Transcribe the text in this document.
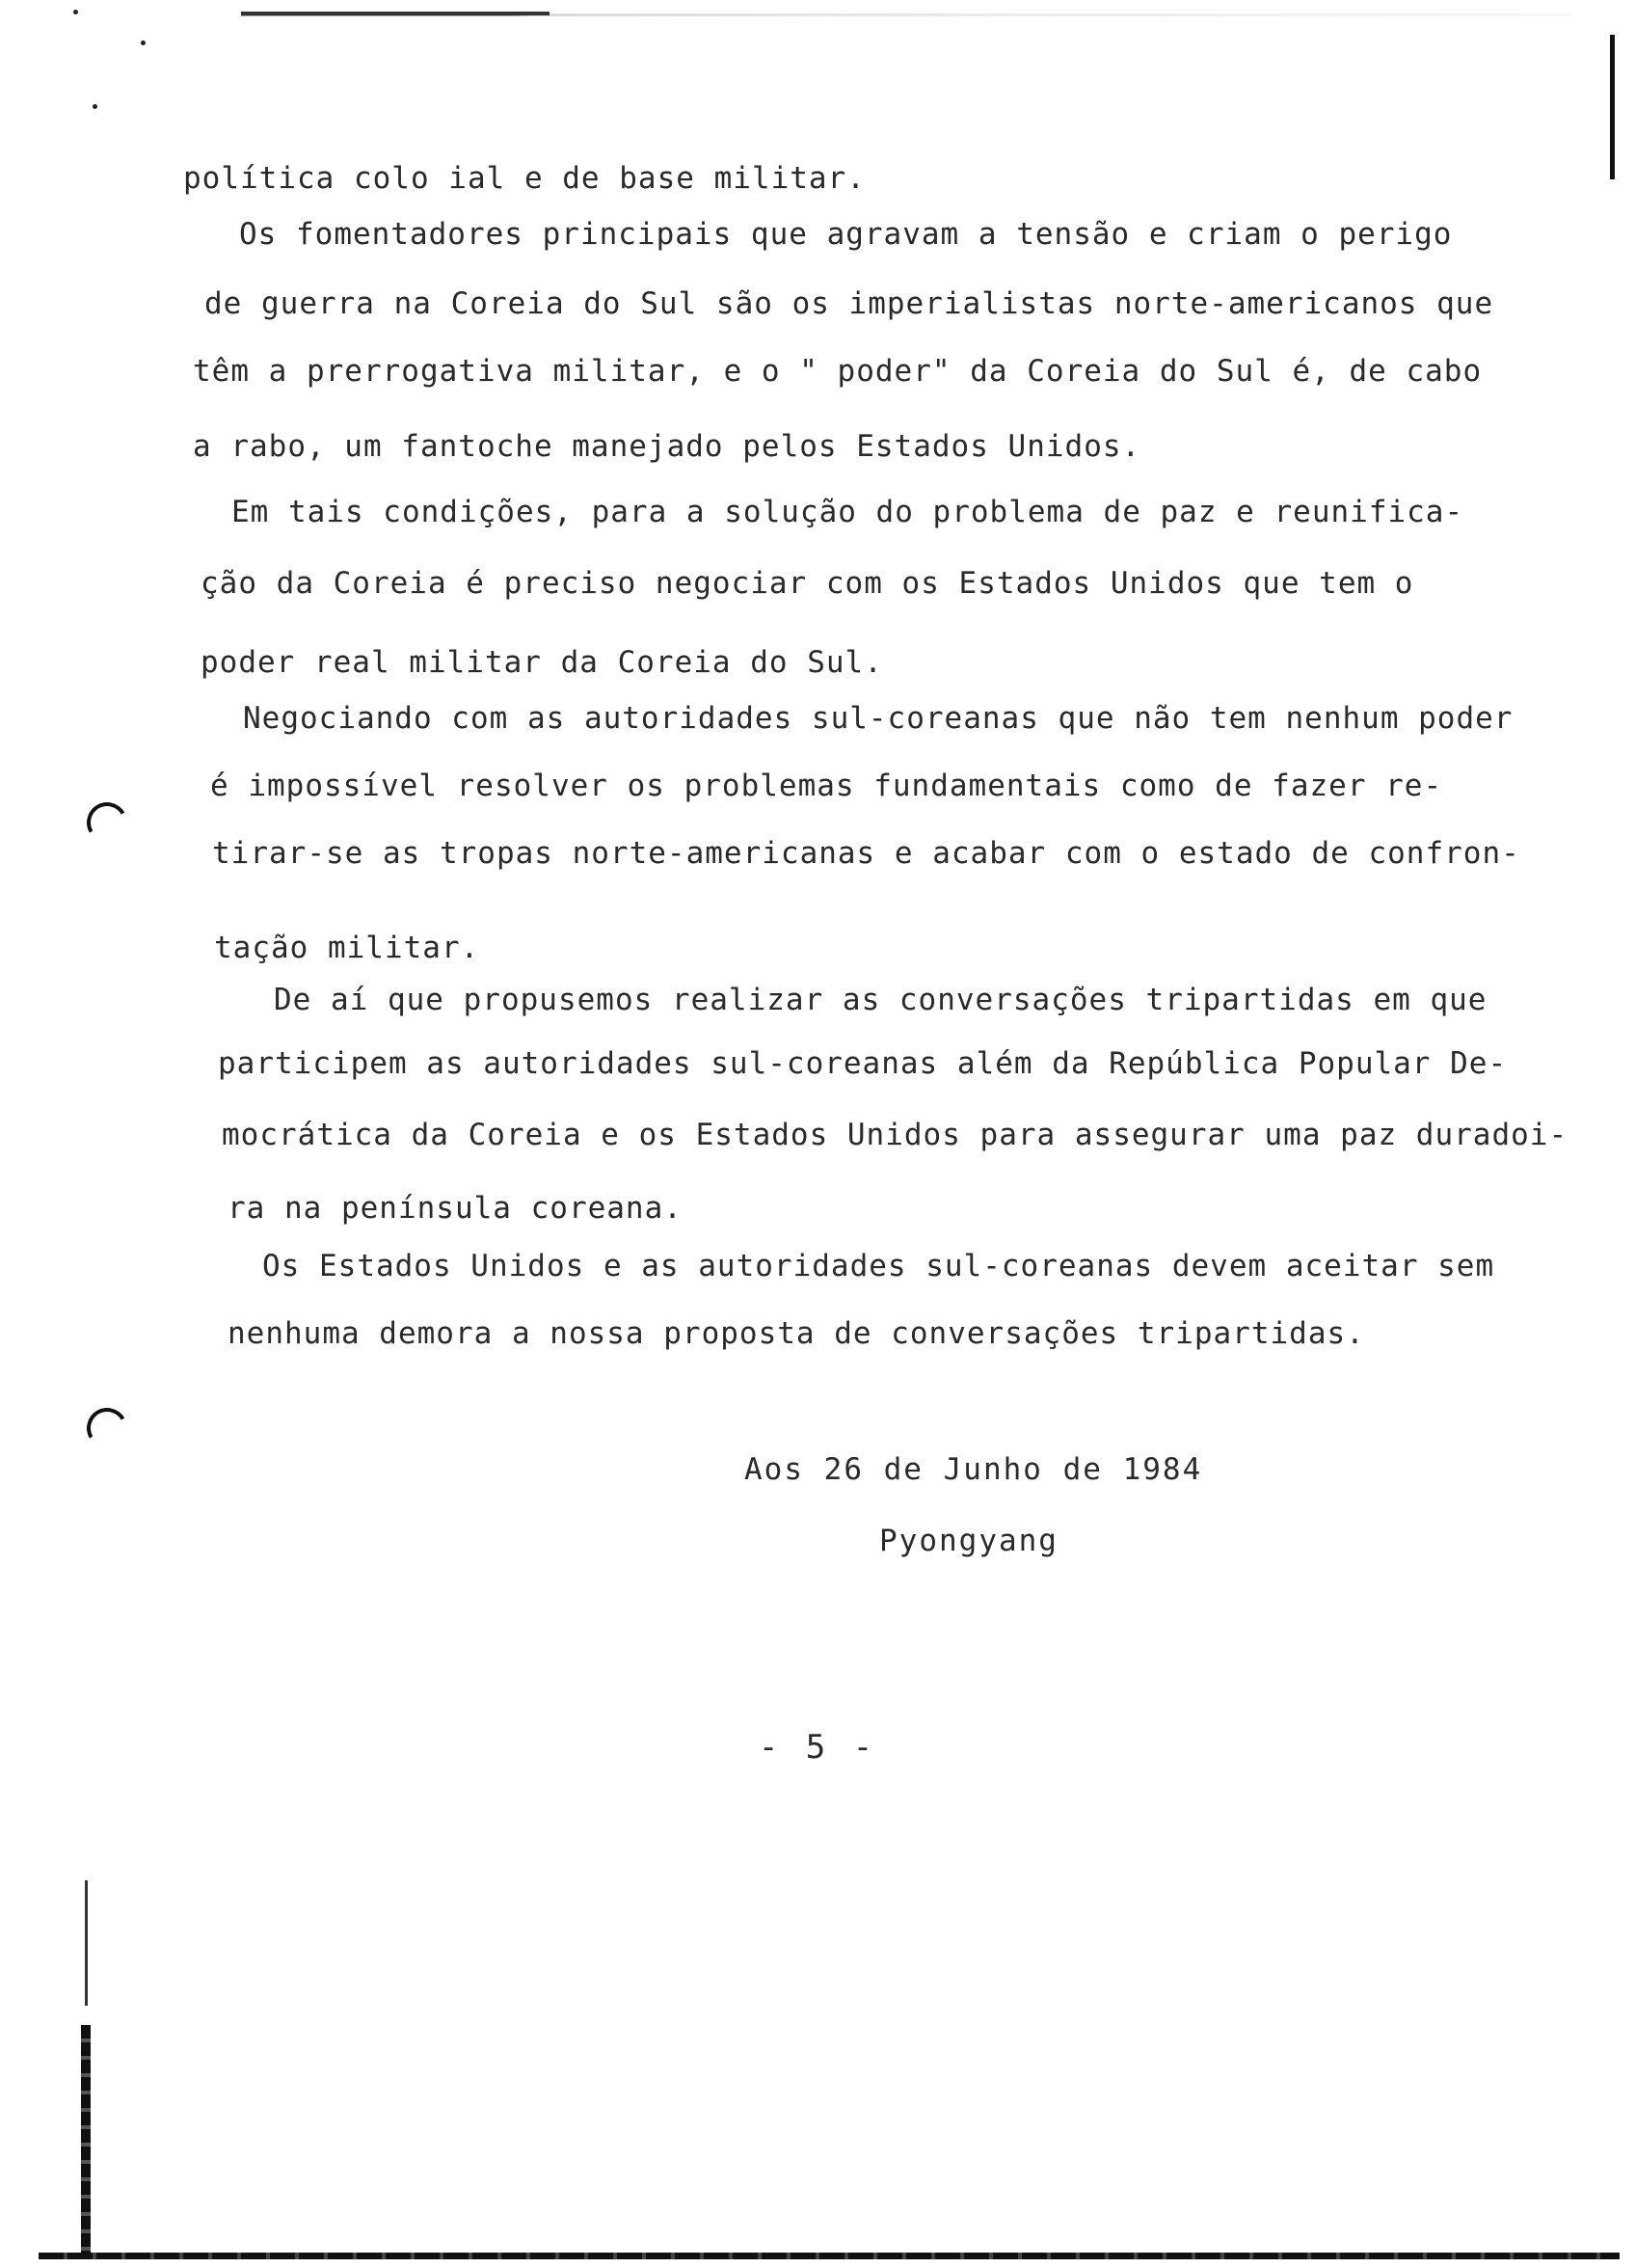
política colo ial e de base militar.
Os fomentadores principais que agravam a tensão e criam o perigo
de guerra na Coreia do Sul são os imperialistas norte-americanos que
têm a prerrogativa militar, e o " poder" da Coreia do Sul é, de cabo
a rabo, um fantoche manejado pelos Estados Unidos.
Em tais condições, para a solução do problema de paz e reunifica-
ção da Coreia é preciso negociar com os Estados Unidos que tem o
poder real militar da Coreia do Sul.
Negociando com as autoridades sul-coreanas que não tem nenhum poder
é impossível resolver os problemas fundamentais como de fazer re-
tirar-se as tropas norte-americanas e acabar com o estado de confron-
tação militar.
De aí que propusemos realizar as conversações tripartidas em que
participem as autoridades sul-coreanas além da República Popular De-
mocrática da Coreia e os Estados Unidos para assegurar uma paz duradoi-
ra na península coreana.
Os Estados Unidos e as autoridades sul-coreanas devem aceitar sem
nenhuma demora a nossa proposta de conversações tripartidas.
Aos 26 de Junho de 1984
Pyongyang
- 5 -
